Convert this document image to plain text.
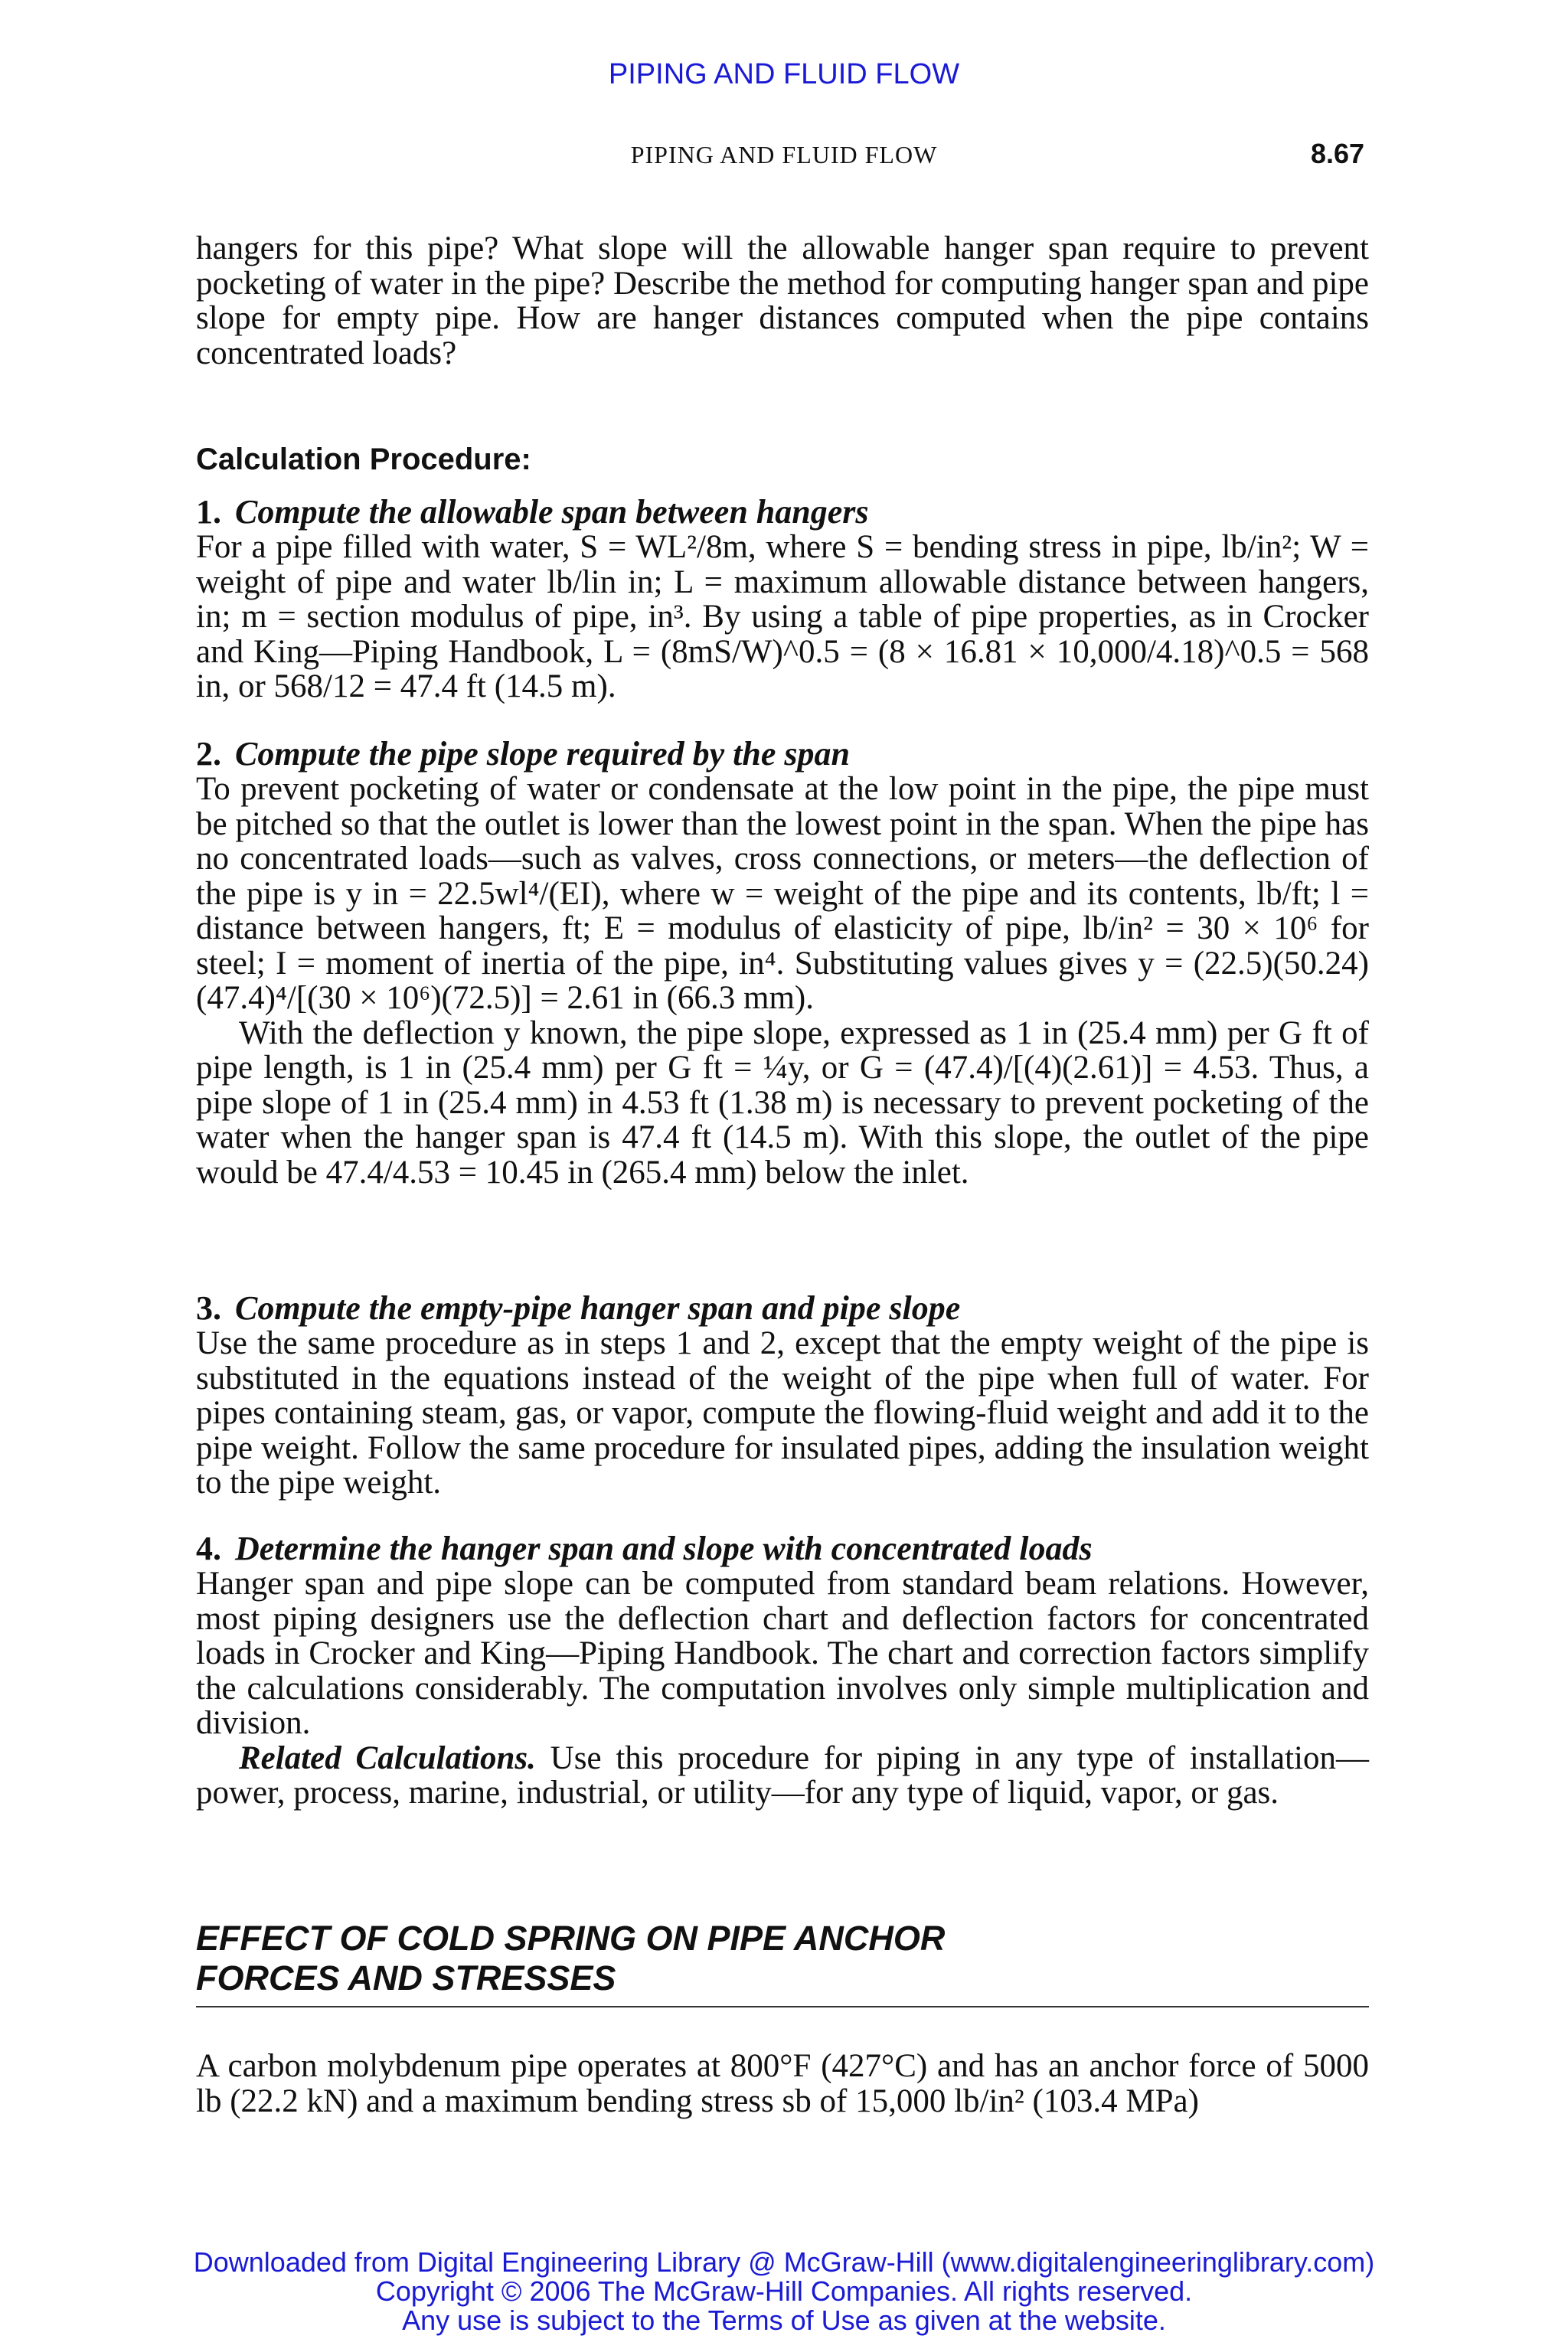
PIPING AND FLUID FLOW
PIPING AND FLUID FLOW	8.67

hangers for this pipe? What slope will the allowable hanger span require to prevent pocketing of water in the pipe? Describe the method for computing hanger span and pipe slope for empty pipe. How are hanger distances computed when the pipe contains concentrated loads?

Calculation Procedure:
1. Compute the allowable span between hangers

For a pipe filled with water, S = WL²/8m, where S = bending stress in pipe, lb/in²; W = weight of pipe and water lb/lin in; L = maximum allowable distance between hangers, in; m = section modulus of pipe, in³. By using a table of pipe properties, as in Crocker and King—Piping Handbook, L = (8mS/W)^0.5 = (8 × 16.81 × 10,000/4.18)^0.5 = 568 in, or 568/12 = 47.4 ft (14.5 m).

2. Compute the pipe slope required by the span

To prevent pocketing of water or condensate at the low point in the pipe, the pipe must be pitched so that the outlet is lower than the lowest point in the span. When the pipe has no concentrated loads—such as valves, cross connections, or meters—the deflection of the pipe is y in = 22.5wl⁴/(EI), where w = weight of the pipe and its contents, lb/ft; l = distance between hangers, ft; E = modulus of elasticity of pipe, lb/in² = 30 × 10⁶ for steel; I = moment of inertia of the pipe, in⁴. Substituting values gives y = (22.5)(50.24)(47.4)⁴/[(30 × 10⁶)(72.5)] = 2.61 in (66.3 mm).

With the deflection y known, the pipe slope, expressed as 1 in (25.4 mm) per G ft of pipe length, is 1 in (25.4 mm) per G ft = ¼y, or G = (47.4)/[(4)(2.61)] = 4.53. Thus, a pipe slope of 1 in (25.4 mm) in 4.53 ft (1.38 m) is necessary to prevent pocketing of the water when the hanger span is 47.4 ft (14.5 m). With this slope, the outlet of the pipe would be 47.4/4.53 = 10.45 in (265.4 mm) below the inlet.

3. Compute the empty-pipe hanger span and pipe slope

Use the same procedure as in steps 1 and 2, except that the empty weight of the pipe is substituted in the equations instead of the weight of the pipe when full of water. For pipes containing steam, gas, or vapor, compute the flowing-fluid weight and add it to the pipe weight. Follow the same procedure for insulated pipes, adding the insulation weight to the pipe weight.

4. Determine the hanger span and slope with concentrated loads

Hanger span and pipe slope can be computed from standard beam relations. However, most piping designers use the deflection chart and deflection factors for concentrated loads in Crocker and King—Piping Handbook. The chart and correction factors simplify the calculations considerably. The computation involves only simple multiplication and division.

Related Calculations. Use this procedure for piping in any type of installation—power, process, marine, industrial, or utility—for any type of liquid, vapor, or gas.

EFFECT OF COLD SPRING ON PIPE ANCHOR
FORCES AND STRESSES

A carbon molybdenum pipe operates at 800°F (427°C) and has an anchor force of 5000 lb (22.2 kN) and a maximum bending stress sb of 15,000 lb/in² (103.4 MPa)

Downloaded from Digital Engineering Library @ McGraw-Hill (www.digitalengineeringlibrary.com)
Copyright © 2006 The McGraw-Hill Companies. All rights reserved.
Any use is subject to the Terms of Use as given at the website.
